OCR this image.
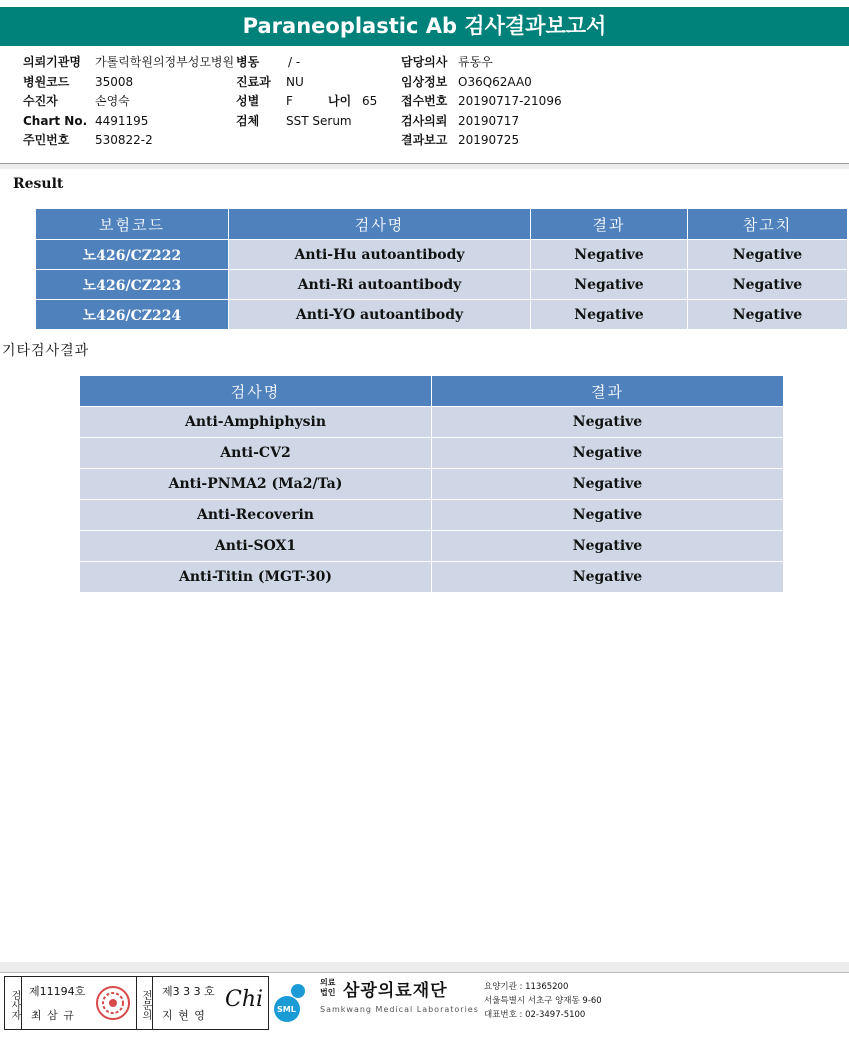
Paraneoplastic Ab 검사결과보고서
의뢰기관명 가톨릭학원의정부성모병원
병원코드 35008
수진자	손영숙
Chart No. 4491195
주민번호 530822-2
병동 / -
진료과 NU
성별 F	나이 65
검체 SST Serum
담당의사 류동우
임상정보 O36Q62AA0
접수번호 20190717-21096
검사의뢰 20190717
결과보고 20190725
Result
보험코드	검사명	결과	참고치
노426/CZ222	Anti-Hu autoantibody	Negative	Negative
노426/CZ223	Anti-Ri autoantibody	Negative	Negative
노426/CZ224	Anti-YO autoantibody	Negative	Negative
기타검사결과
검사명	결과
Anti-Amphiphysin	Negative
Anti-CV2	Negative
Anti-PNMA2 (Ma2/Ta)	Negative
Anti-Recoverin	Negative
Anti-SOX1	Negative
Anti-Titin (MGT-30)	Negative
검사자 제11194호
최 삼 규	전문의 제3 3 3 호
지 현 영
Chi SML
의료법인 삼광의료재단
Samkwang Medical Laboratories
요양기관 : 11365200
서울특별시 서초구 양재동 9-60
대표번호 : 02-3497-5100
